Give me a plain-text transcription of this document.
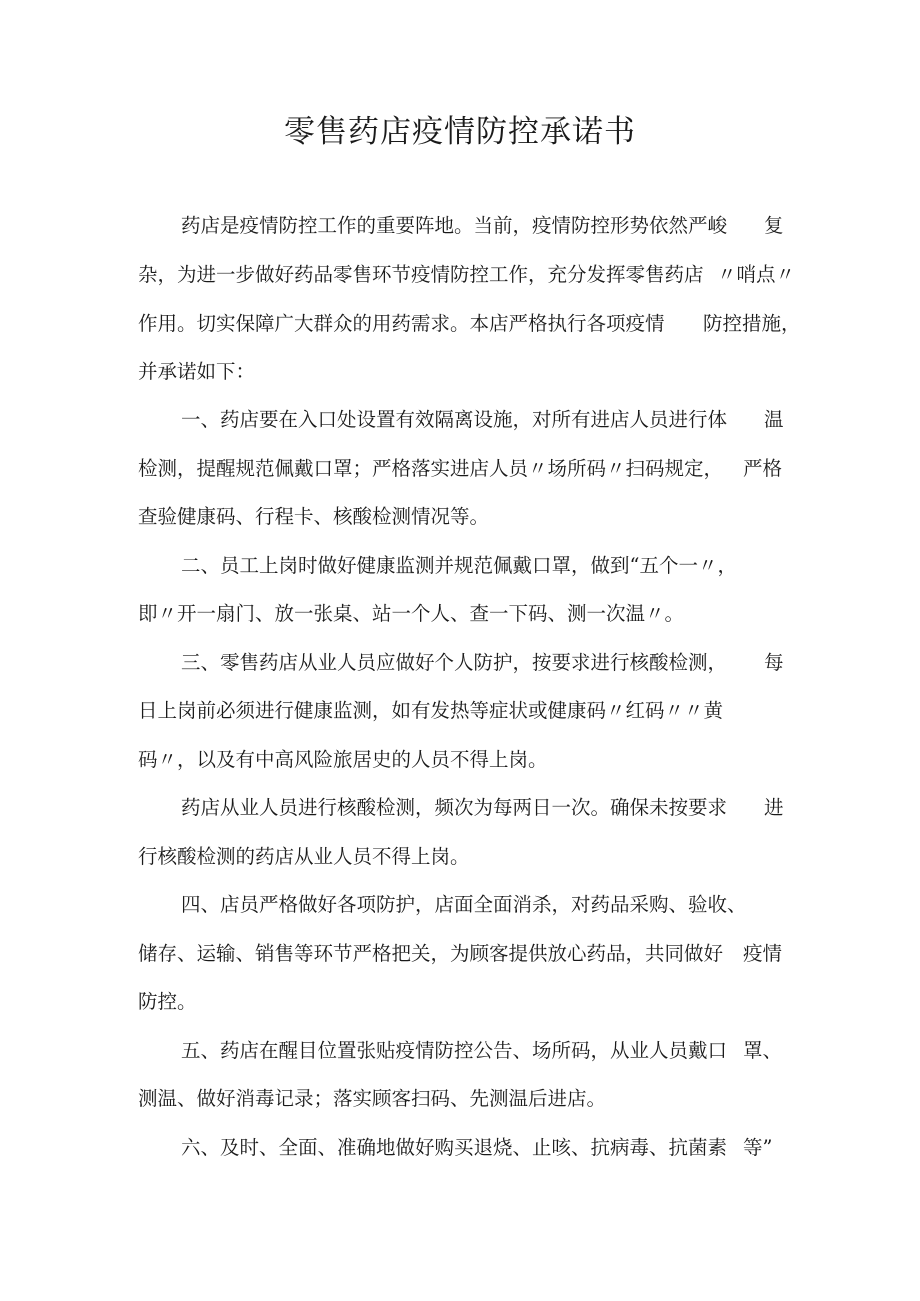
零售药店疫情防控承诺书
药店是疫情防控工作的重要阵地。当前，疫情防控形势依然严峻 复
杂，为进一步做好药品零售环节疫情防控工作，充分发挥零售药店 〃哨点〃
作用。切实保障广大群众的用药需求。本店严格执行各项疫情 防控措施，
并承诺如下：
一、药店要在入口处设置有效隔离设施，对所有进店人员进行体 温
检测，提醒规范佩戴口罩；严格落实进店人员〃场所码〃扫码规定， 严格
查验健康码、行程卡、核酸检测情况等。
二、员工上岗时做好健康监测并规范佩戴口罩，做到“五个一〃，
即〃开一扇门、放一张桌、站一个人、查一下码、测一次温〃。
三、零售药店从业人员应做好个人防护，按要求进行核酸检测， 每
日上岗前必须进行健康监测，如有发热等症状或健康码〃红码〃〃黄
码〃，以及有中高风险旅居史的人员不得上岗。
药店从业人员进行核酸检测，频次为每两日一次。确保未按要求 进
行核酸检测的药店从业人员不得上岗。
四、店员严格做好各项防护，店面全面消杀，对药品采购、验收、
储存、运输、销售等环节严格把关，为顾客提供放心药品，共同做好 疫情
防控。
五、药店在醒目位置张贴疫情防控公告、场所码，从业人员戴口 罩、
测温、做好消毒记录；落实顾客扫码、先测温后进店。
六、及时、全面、准确地做好购买退烧、止咳、抗病毒、抗菌素 等”
